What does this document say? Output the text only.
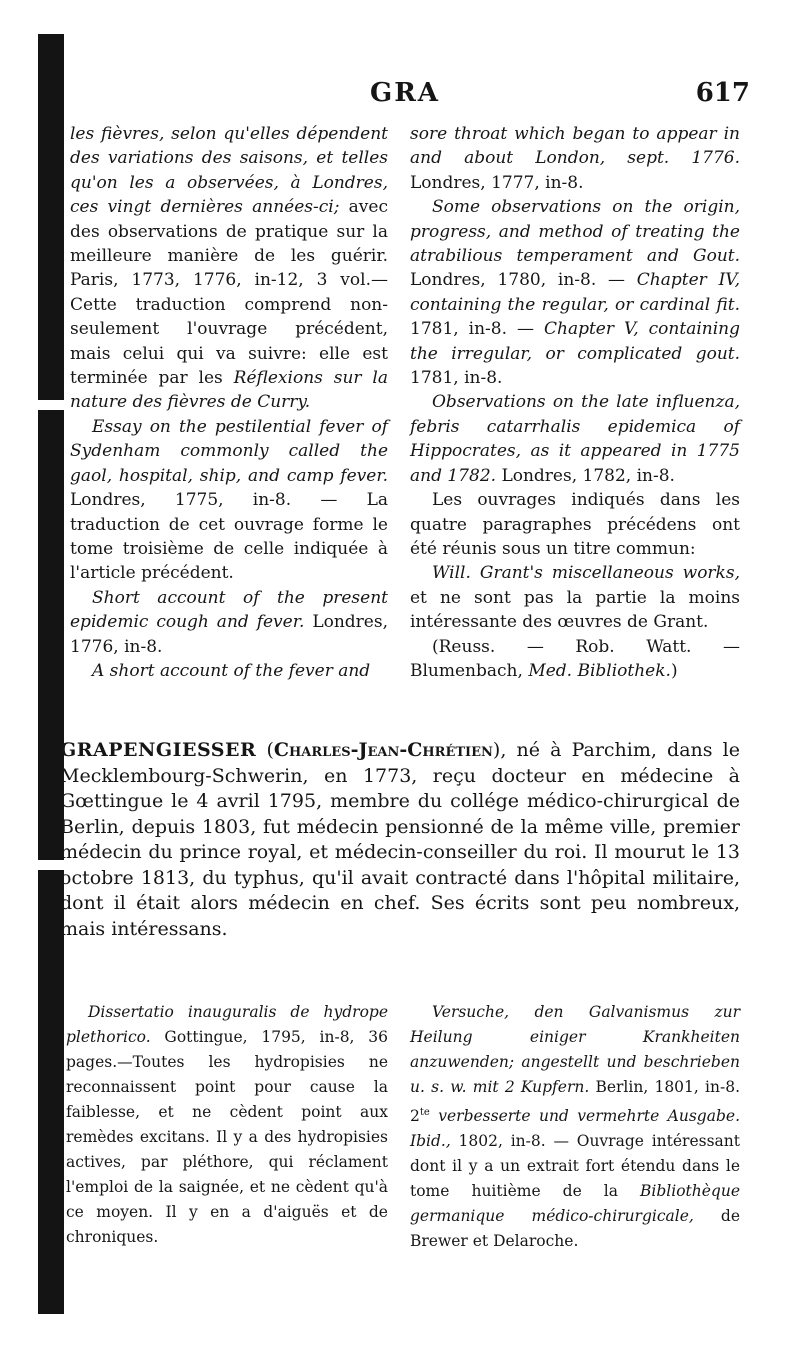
GRA	617

les fièvres, selon qu'elles dépendent des variations des saisons, et telles qu'on les a observées, à Londres, ces vingt dernières années-ci; avec des observations de pratique sur la meilleure manière de les guérir. Paris, 1773, 1776, in-12, 3 vol.—Cette traduction comprend non-seulement l'ouvrage précédent, mais celui qui va suivre: elle est terminée par les Réflexions sur la nature des fièvres de Curry.

Essay on the pestilential fever of Sydenham commonly called the gaol, hospital, ship, and camp fever. Londres, 1775, in-8. — La traduction de cet ouvrage forme le tome troisième de celle indiquée à l'article précédent.

Short account of the present epidemic cough and fever. Londres, 1776, in-8.

A short account of the fever and

sore throat which began to appear in and about London, sept. 1776. Londres, 1777, in-8.

Some observations on the origin, progress, and method of treating the atrabilious temperament and Gout. Londres, 1780, in-8. — Chapter IV, containing the regular, or cardinal fit. 1781, in-8. — Chapter V, containing the irregular, or complicated gout. 1781, in-8.

Observations on the late influenza, febris catarrhalis epidemica of Hippocrates, as it appeared in 1775 and 1782. Londres, 1782, in-8.

Les ouvrages indiqués dans les quatre paragraphes précédens ont été réunis sous un titre commun:

Will. Grant's miscellaneous works, et ne sont pas la partie la moins intéressante des œuvres de Grant.

(Reuss. — Rob. Watt. — Blumenbach, Med. Bibliothek.)

GRAPENGIESSER (Charles-Jean-Chrétien), né à Parchim, dans le Mecklembourg-Schwerin, en 1773, reçu docteur en médecine à Gœttingue le 4 avril 1795, membre du collége médico-chirurgical de Berlin, depuis 1803, fut médecin pensionné de la même ville, premier médecin du prince royal, et médecin-conseiller du roi. Il mourut le 13 octobre 1813, du typhus, qu'il avait contracté dans l'hôpital militaire, dont il était alors médecin en chef. Ses écrits sont peu nombreux, mais intéressans.

Dissertatio inauguralis de hydrope plethorico. Gottingue, 1795, in-8, 36 pages.—Toutes les hydropisies ne reconnaissent point pour cause la faiblesse, et ne cèdent point aux remèdes excitans. Il y a des hydropisies actives, par pléthore, qui réclament l'emploi de la saignée, et ne cèdent qu'à ce moyen. Il y en a d'aiguës et de chroniques.

Versuche, den Galvanismus zur Heilung einiger Krankheiten anzuwenden; angestellt und beschrieben u. s. w. mit 2 Kupfern. Berlin, 1801, in-8. $2^{te}$ verbesserte und vermehrte Ausgabe. Ibid., 1802, in-8. — Ouvrage intéressant dont il y a un extrait fort étendu dans le tome huitième de la Bibliothèque germanique médico-chirurgicale, de Brewer et Delaroche.
